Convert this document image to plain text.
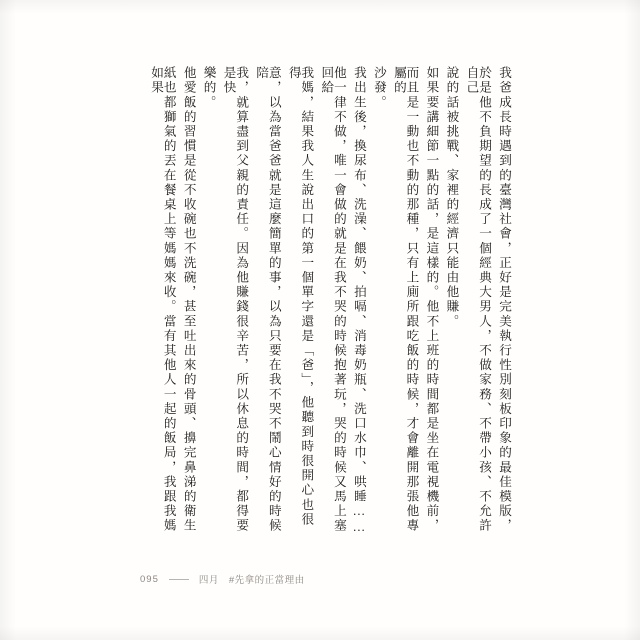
我爸成長時遇到的臺灣社會，正好是完美執行性別刻板印象的最佳模版，
於是他不負期望的長成了一個經典大男人，不做家務、不帶小孩、不允許自己
說的話被挑戰、家裡的經濟只能由他賺。
如果要講細節一點的話，是這樣的。他不上班的時間都是坐在電視機前，
而且是一動也不動的那種，只有上廁所跟吃飯的時候，才會離開那張他專屬的
沙發。
我出生後，換尿布、洗澡、餵奶、拍嗝、消毒奶瓶、洗口水巾、哄睡……
他一律不做，唯一會做的就是在我不哭的時候抱著玩，哭的時候又馬上塞回給
我媽，結果我人生說出口的第一個單字還是「爸」，他聽到時很開心也很得
意，以為當爸爸就是這麼簡單的事，以為只要在我不哭不鬧心情好的時候陪
我，就算盡到父親的責任。因為他賺錢很辛苦，所以休息的時間，都得要是快
樂的。
他愛飯的習慣是從不收碗也不洗碗，甚至吐出來的骨頭、擤完鼻涕的衛生
紙也都獅氣的丟在餐桌上等媽媽來收。當有其他人一起的飯局，我跟我媽如果
095	四月 #先拿的正當理由
